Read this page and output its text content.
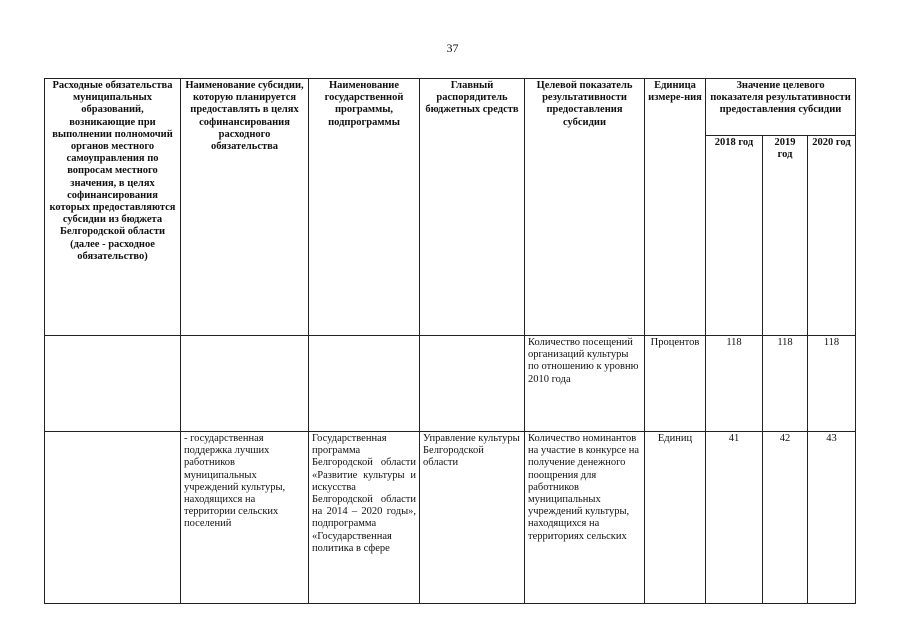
37
Расходные обязательства муниципальных образований, возникающие при выполнении полномочий органов местного самоуправления по вопросам местного значения, в целях софинансирования которых предоставляются субсидии из бюджета Белгородской области (далее - расходное обязательство)	Наименование субсидии, которую планируется предоставлять в целях софинансирования расходного обязательства	Наименование государственной программы, подпрограммы	Главный распорядитель бюджетных средств	Целевой показатель результативности предоставления субсидии	Единица измере-ния	Значение целевого показателя результативности предоставления субсидии		
						2018 год	2019 год	2020 год
				Количество посещений организаций культуры по отношению к уровню 2010 года	Процентов	118	118	118
	- государственная поддержка лучших работников муниципальных учреждений культуры, находящихся на территории сельских поселений	Государственная программа Белгородской области «Развитие культуры и искусства Белгородской области на 2014 – 2020 годы», подпрограмма «Государственная политика в сфере	Управление культуры Белгородской области	Количество номинантов на участие в конкурсе на получение денежного поощрения для работников муниципальных учреждений культуры, находящихся на территориях сельских	Единиц	41	42	43
